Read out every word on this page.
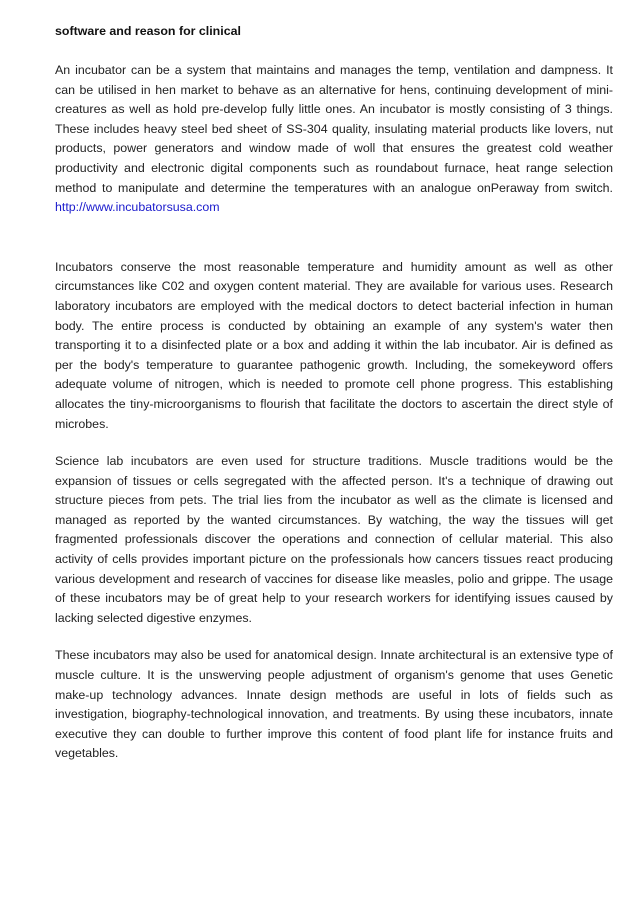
software and reason for clinical

An incubator can be a system that maintains and manages the temp, ventilation and dampness. It can be utilised in hen market to behave as an alternative for hens, continuing development of mini-creatures as well as hold pre-develop fully little ones. An incubator is mostly consisting of 3 things. These includes heavy steel bed sheet of SS-304 quality, insulating material products like lovers, nut products, power generators and window made of woll that ensures the greatest cold weather productivity and electronic digital components such as roundabout furnace, heat range selection method to manipulate and determine the temperatures with an analogue onPeraway from switch. http://www.incubatorsusa.com

Incubators conserve the most reasonable temperature and humidity amount as well as other circumstances like C02 and oxygen content material. They are available for various uses. Research laboratory incubators are employed with the medical doctors to detect bacterial infection in human body. The entire process is conducted by obtaining an example of any system's water then transporting it to a disinfected plate or a box and adding it within the lab incubator. Air is defined as per the body's temperature to guarantee pathogenic growth. Including, the somekeyword offers adequate volume of nitrogen, which is needed to promote cell phone progress. This establishing allocates the tiny-microorganisms to flourish that facilitate the doctors to ascertain the direct style of microbes.

Science lab incubators are even used for structure traditions. Muscle traditions would be the expansion of tissues or cells segregated with the affected person. It's a technique of drawing out structure pieces from pets. The trial lies from the incubator as well as the climate is licensed and managed as reported by the wanted circumstances. By watching, the way the tissues will get fragmented professionals discover the operations and connection of cellular material. This also activity of cells provides important picture on the professionals how cancers tissues react producing various development and research of vaccines for disease like measles, polio and grippe. The usage of these incubators may be of great help to your research workers for identifying issues caused by lacking selected digestive enzymes.

These incubators may also be used for anatomical design. Innate architectural is an extensive type of muscle culture. It is the unswerving people adjustment of organism's genome that uses Genetic make-up technology advances. Innate design methods are useful in lots of fields such as investigation, biography-technological innovation, and treatments. By using these incubators, innate executive they can double to further improve this content of food plant life for instance fruits and vegetables.
